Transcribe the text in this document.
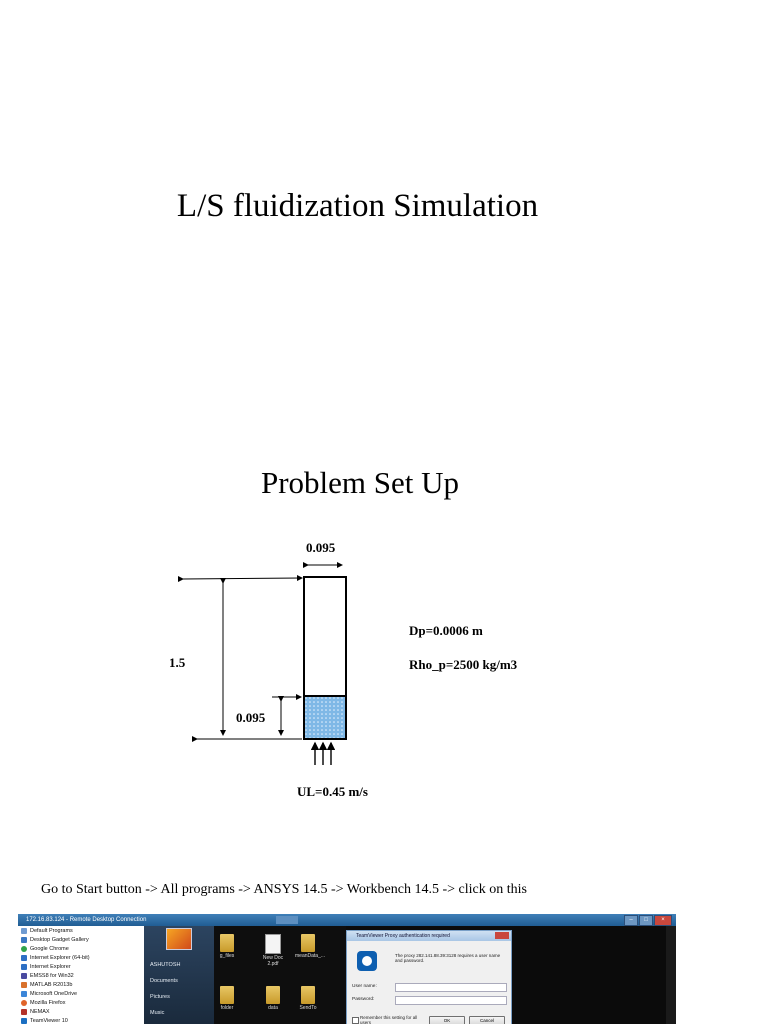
L/S fluidization Simulation
Problem Set Up
0.095
1.5
0.095
UL=0.45 m/s
Dp=0.0006 m
Rho_p=2500 kg/m3
Go to Start button -> All programs -> ANSYS 14.5 -> Workbench 14.5 -> click on this
172.16.83.124 - Remote Desktop Connection	–	□	×
Default Programs
Desktop Gadget Gallery
Google Chrome
Internet Explorer (64-bit)
Internet Explorer
EMSS8 for Win32
MATLAB R2013b
Microsoft OneDrive
Mozilla Firefox
NEMAX
TeamViewer 10
ASHUTOSH
Documents
Pictures
Music
g_files	New Doc 2.pdf
meanData_...
folder	data	SendTo
TeamViewer Proxy authentication required
The proxy 282.141.88.39:3128 requires a user name and password.
User name:
Password:
Remember this setting for all users	OK	Cancel
